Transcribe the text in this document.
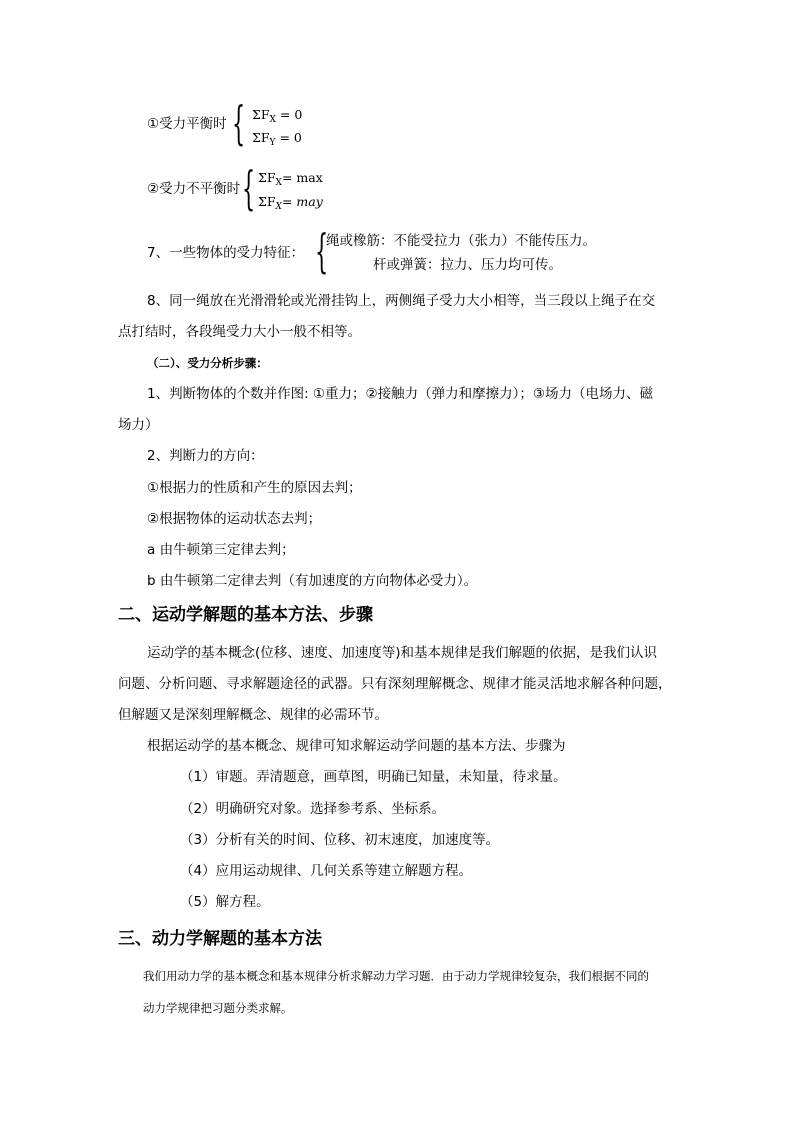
①受力平衡时 { $\Sigma F_X = 0$
$\Sigma F_Y = 0$
②受力不平衡时 { $\Sigma F_X= \max$
$\Sigma F_X=$ may
7、一些物体的受力特征： {
绳或橡筋：不能受拉力（张力）不能传压力。
杆或弹簧：拉力、压力均可传。
8、同一绳放在光滑滑轮或光滑挂钩上，两侧绳子受力大小相等，当三段以上绳子在交
点打结时，各段绳受力大小一般不相等。
（二）、受力分析步骤：
1、判断物体的个数并作图: ①重力；②接触力（弹力和摩擦力）；③场力（电场力、磁
场力）
2、判断力的方向：
①根据力的性质和产生的原因去判；
②根据物体的运动状态去判；
a 由牛顿第三定律去判；
b 由牛顿第二定律去判（有加速度的方向物体必受力）。
二、运动学解题的基本方法、步骤
运动学的基本概念(位移、速度、加速度等)和基本规律是我们解题的依据，是我们认识
问题、分析问题、寻求解题途径的武器。只有深刻理解概念、规律才能灵活地求解各种问题，
但解题又是深刻理解概念、规律的必需环节。
根据运动学的基本概念、规律可知求解运动学问题的基本方法、步骤为
（1）审题。弄清题意，画草图，明确已知量，未知量，待求量。
（2）明确研究对象。选择参考系、坐标系。
（3）分析有关的时间、位移、初末速度，加速度等。
（4）应用运动规律、几何关系等建立解题方程。
（5）解方程。
三、动力学解题的基本方法
我们用动力学的基本概念和基本规律分析求解动力学习题．由于动力学规律较复杂，我们根据不同的
动力学规律把习题分类求解。
